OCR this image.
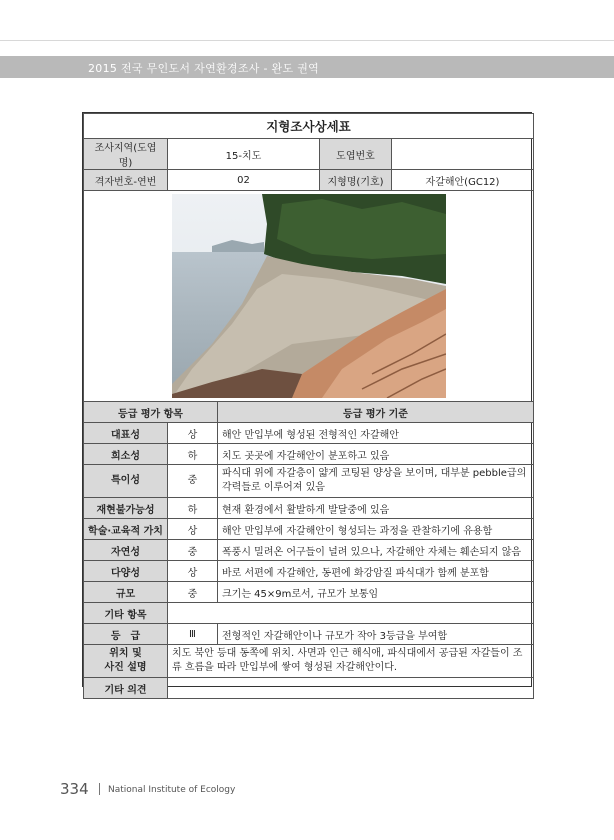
2015 전국 무인도서 자연환경조사 - 완도 권역
지형조사상세표				
조사지역(도엽명)	15-치도		도엽번호	
격자번호-연번	02		지형명(기호)	자갈해안(GC12)

등급 평가 항목		등급 평가 기준		
대표성	상	해안 만입부에 형성된 전형적인 자갈해안		
희소성	하	치도 곳곳에 자갈해안이 분포하고 있음		
특이성	중	파식대 위에 자갈층이 얇게 코팅된 양상을 보이며, 대부분 pebble급의 각력들로 이루어져 있음		
재현불가능성	하	현재 환경에서 활발하게 발달중에 있음		
학술·교육적 가치	상	해안 만입부에 자갈해안이 형성되는 과정을 관찰하기에 유용함		
자연성	중	폭풍시 밀려온 어구들이 널려 있으나, 자갈해안 자체는 훼손되지 않음		
다양성	상	바로 서편에 자갈해안, 동편에 화강암질 파식대가 함께 분포함		
규모	중	크기는 45×9m로서, 규모가 보통임		
기타 항목				
등　급	Ⅲ	전형적인 자갈해안이나 규모가 작아 3등급을 부여함		
위치 및
사진 설명	치도 북안 등대 동쪽에 위치. 사면과 인근 해식애, 파식대에서 공급된 자갈들이 조류 흐름을 따라 만입부에 쌓여 형성된 자갈해안이다.			
기타 의견				
334 National Institute of Ecology
